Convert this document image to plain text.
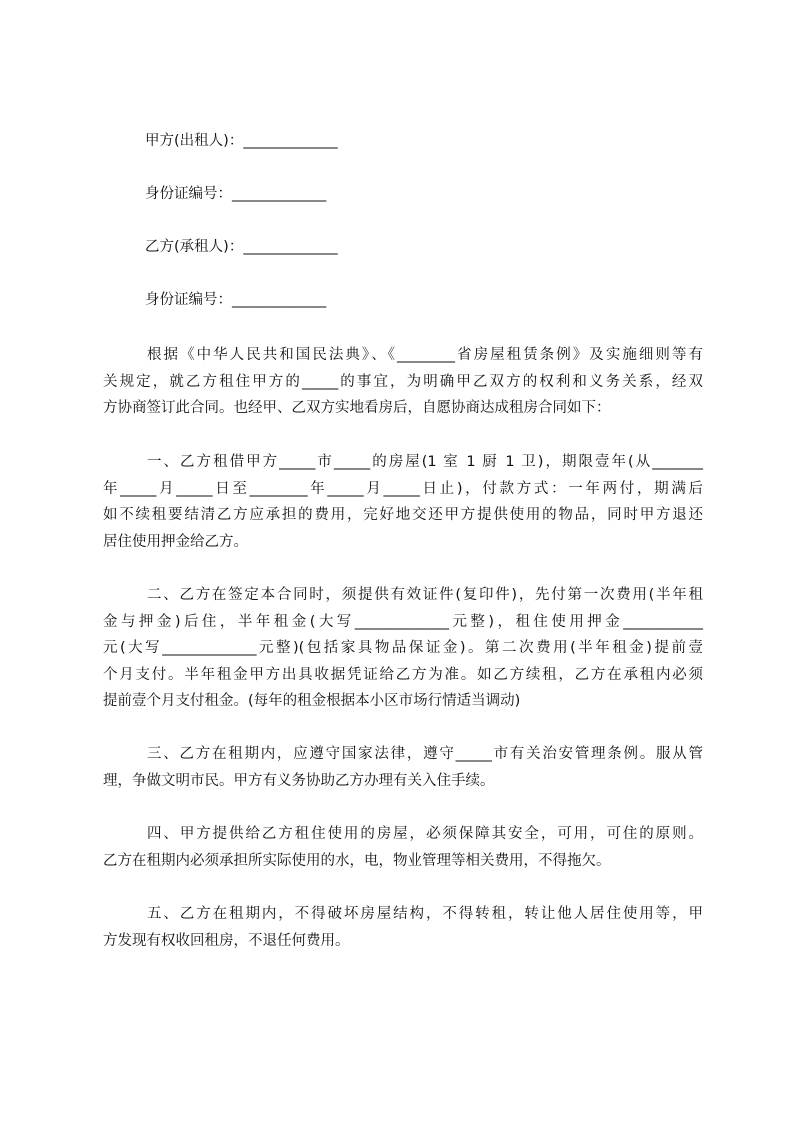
甲方(出租人)：_____________
身份证编号：_____________
乙方(承租人)：_____________
身份证编号：_____________
根据《中华人民共和国民法典》、《________省房屋租赁条例》及实施细则等有
关规定，就乙方租住甲方的_____的事宜，为明确甲乙双方的权利和义务关系，经双
方协商签订此合同。也经甲、乙双方实地看房后，自愿协商达成租房合同如下：
一、乙方租借甲方_____市_____的房屋(1 室 1 厨 1 卫)，期限壹年(从_______
年_____月_____日至________年_____月_____日止)，付款方式：一年两付，期满后
如不续租要结清乙方应承担的费用，完好地交还甲方提供使用的物品，同时甲方退还
居住使用押金给乙方。
二、乙方在签定本合同时，须提供有效证件(复印件)，先付第一次费用(半年租
金与押金)后住，半年租金(大写_____________元整)，租住使用押金___________
元(大写_____________元整)(包括家具物品保证金)。第二次费用(半年租金)提前壹
个月支付。半年租金甲方出具收据凭证给乙方为准。如乙方续租，乙方在承租内必须
提前壹个月支付租金。(每年的租金根据本小区市场行情适当调动)
三、乙方在租期内，应遵守国家法律，遵守_____市有关治安管理条例。服从管
理，争做文明市民。甲方有义务协助乙方办理有关入住手续。
四、甲方提供给乙方租住使用的房屋，必须保障其安全，可用，可住的原则。
乙方在租期内必须承担所实际使用的水，电，物业管理等相关费用，不得拖欠。
五、乙方在租期内，不得破坏房屋结构，不得转租，转让他人居住使用等，甲
方发现有权收回租房，不退任何费用。
